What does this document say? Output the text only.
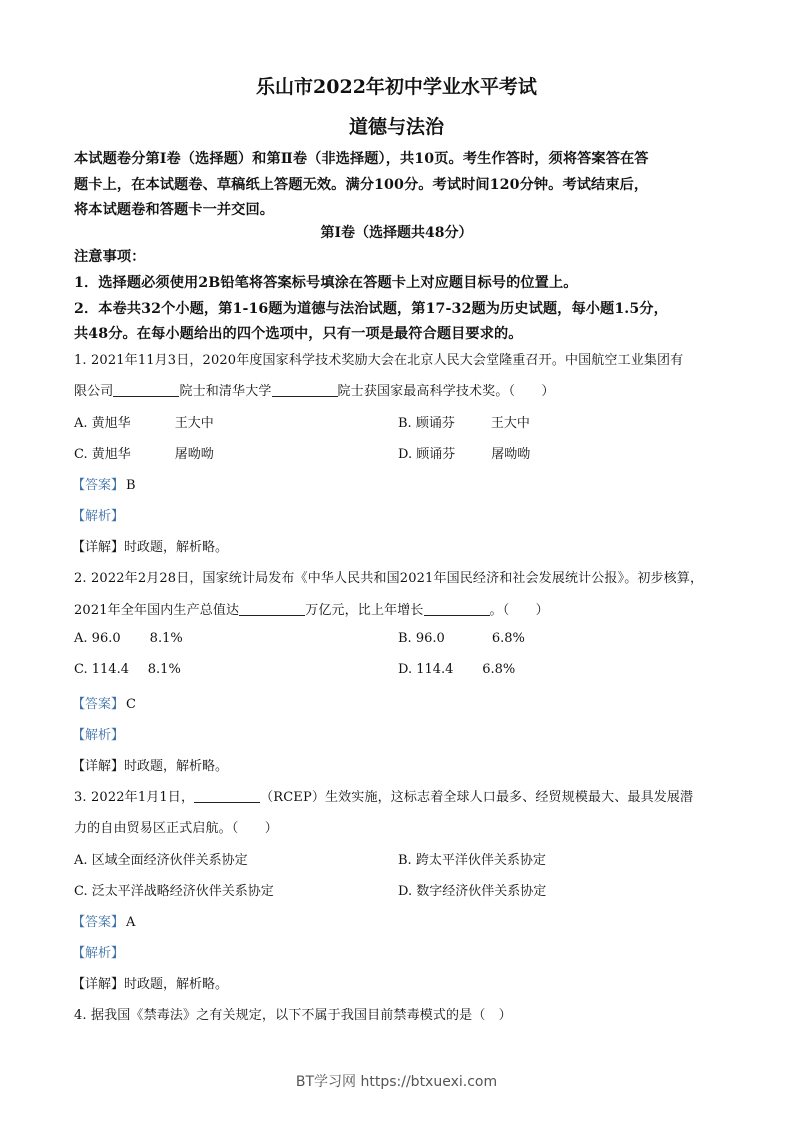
乐山市2022年初中学业水平考试
道德与法治
本试题卷分第Ⅰ卷（选择题）和第Ⅱ卷（非选择题），共10页。考生作答时，须将答案答在答
题卡上，在本试题卷、草稿纸上答题无效。满分100分。考试时间120分钟。考试结束后，
将本试题卷和答题卡一并交回。
第Ⅰ卷（选择题共48分）
注意事项：
1．选择题必须使用2B铅笔将答案标号填涂在答题卡上对应题目标号的位置上。
2．本卷共32个小题，第1-16题为道德与法治试题，第17-32题为历史试题，每小题1.5分，
共48分。在每小题给出的四个选项中，只有一项是最符合题目要求的。
1. 2021年11月3日，2020年度国家科学技术奖励大会在北京人民大会堂隆重召开。中国航空工业集团有
限公司	院士和清华大学	院士获国家最高科学技术奖。（　　）
A. 黄旭华	王大中	B. 顾诵芬	王大中
C. 黄旭华	屠呦呦	D. 顾诵芬	屠呦呦
【答案】 B
【解析】
【详解】时政题，解析略。
2. 2022年2月28日，国家统计局发布《中华人民共和国2021年国民经济和社会发展统计公报》。初步核算，
2021年全年国内生产总值达	万亿元，比上年增长	。（　　）
A. 96.0 8.1%	B. 96.0	6.8%
C. 114.4 8.1%	D. 114.4 6.8%
【答案】 C
【解析】
【详解】时政题，解析略。
3. 2022年1月1日，	（RCEP）生效实施，这标志着全球人口最多、经贸规模最大、最具发展潜
力的自由贸易区正式启航。（　　）
A. 区域全面经济伙伴关系协定	B. 跨太平洋伙伴关系协定
C. 泛太平洋战略经济伙伴关系协定	D. 数字经济伙伴关系协定
【答案】 A
【解析】
【详解】时政题，解析略。
4. 据我国《禁毒法》之有关规定，以下不属于我国目前禁毒模式的是（　）
BT学习网 https://btxuexi.com
